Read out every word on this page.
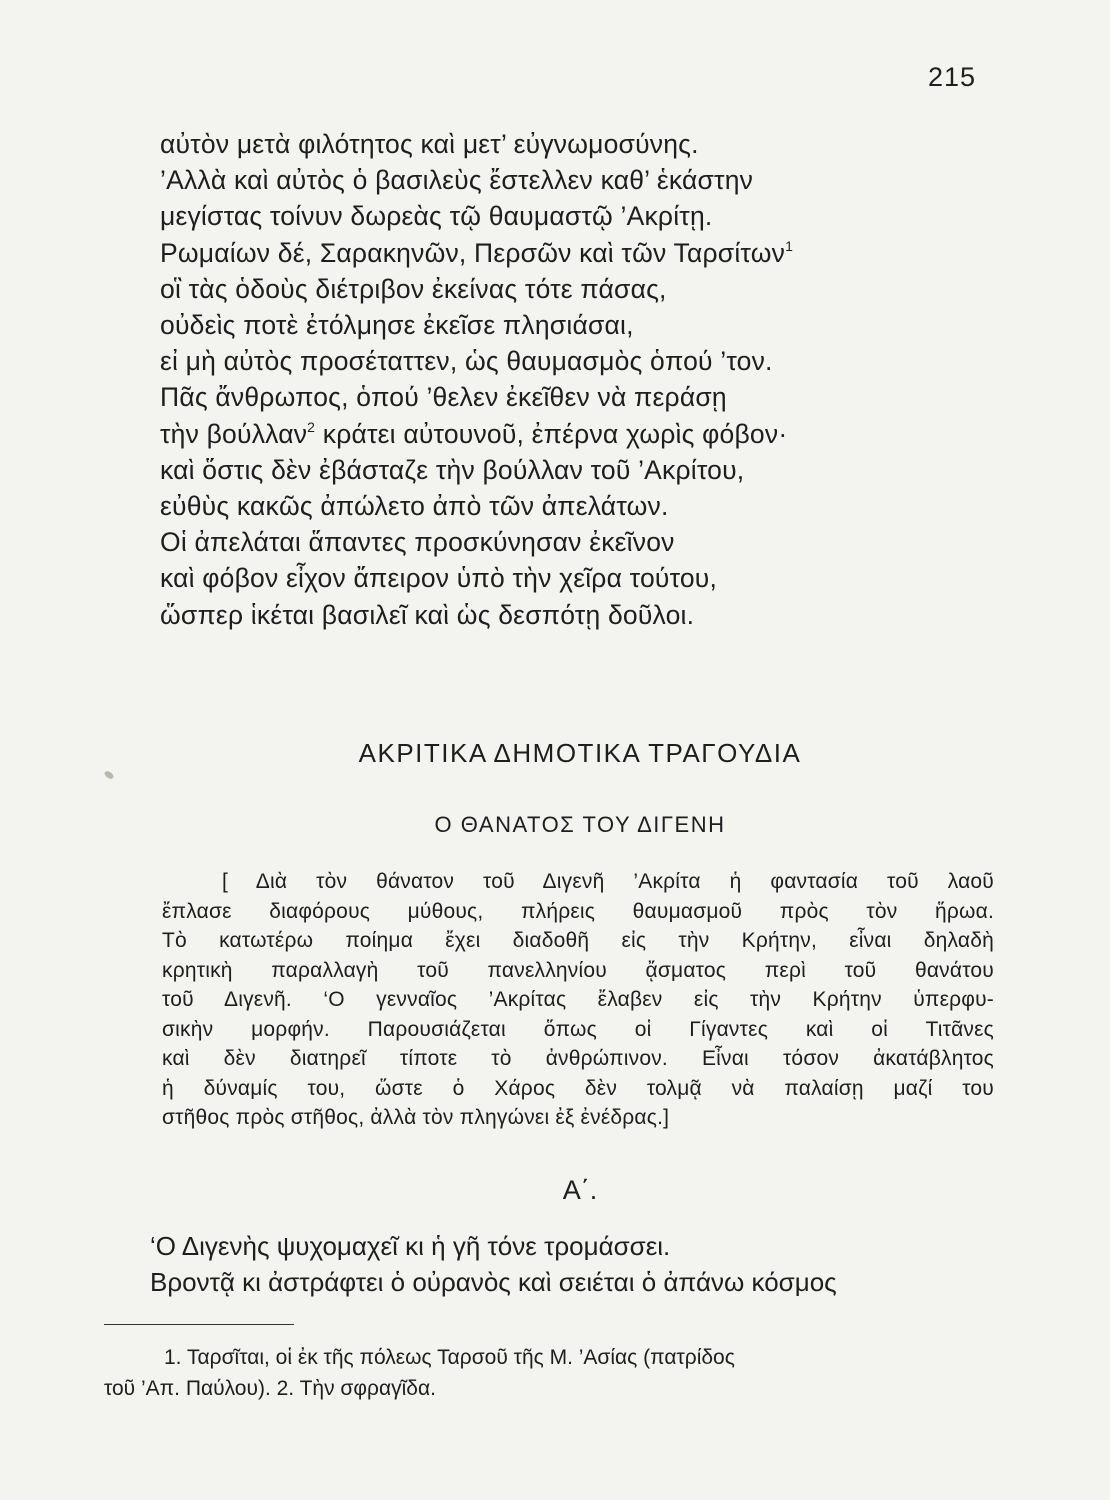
215
αὐτὸν μετὰ φιλότητος καὶ μετ’ εὐγνωμοσύνης.
’Αλλὰ καὶ αὐτὸς ὁ βασιλεὺς ἔστελλεν καθ’ ἑκάστην
μεγίστας τοίνυν δωρεὰς τῷ θαυμαστῷ ’Ακρίτῃ.
Ρωμαίων δέ, Σαρακηνῶν, Περσῶν καὶ τῶν Ταρσίτων$^1$
οἳ τὰς ὁδοὺς διέτριβον ἐκείνας τότε πάσας,
οὐδεὶς ποτὲ ἐτόλμησε ἐκεῖσε πλησιάσαι,
εἰ μὴ αὐτὸς προσέταττεν, ὡς θαυμασμὸς ὁπού ’τον.
Πᾶς ἄνθρωπος, ὁπού ’θελεν ἐκεῖθεν νὰ περάσῃ
τὴν βούλλαν$^2$ κράτει αὐτουνοῦ, ἐπέρνα χωρὶς φόβον·
καὶ ὅστις δὲν ἐβάσταζε τὴν βούλλαν τοῦ ’Ακρίτου,
εὐθὺς κακῶς ἀπώλετο ἀπὸ τῶν ἀπελάτων.
Οἱ ἀπελάται ἅπαντες προσκύνησαν ἐκεῖνον
καὶ φόβον εἶχον ἄπειρον ὑπὸ τὴν χεῖρα τούτου,
ὥσπερ ἱκέται βασιλεῖ καὶ ὡς δεσπότῃ δοῦλοι.
ΑΚΡΙΤΙΚΑ ΔΗΜΟΤΙΚΑ ΤΡΑΓΟΥΔΙΑ
Ο ΘΑΝΑΤΟΣ ΤΟΥ ΔΙΓΕΝΗ
[ Διὰ τὸν θάνατον τοῦ Διγενῆ ’Ακρίτα ἡ φαντασία τοῦ λαοῦ
ἔπλασε διαφόρους μύθους, πλήρεις θαυμασμοῦ πρὸς τὸν ἥρωα.
Τὸ κατωτέρω ποίημα ἔχει διαδοθῆ εἰς τὴν Κρήτην, εἶναι δηλαδὴ
κρητικὴ παραλλαγὴ τοῦ πανελληνίου ᾄσματος περὶ τοῦ θανάτου
τοῦ Διγενῆ. ‘Ο γενναῖος ’Ακρίτας ἔλαβεν εἰς τὴν Κρήτην ὑπερφυ-
σικὴν μορφήν. Παρουσιάζεται ὅπως οἱ Γίγαντες καὶ οἱ Τιτᾶνες
καὶ δὲν διατηρεῖ τίποτε τὸ ἀνθρώπινον. Εἶναι τόσον ἀκατάβλητος
ἡ δύναμίς του, ὥστε ὁ Χάρος δὲν τολμᾷ νὰ παλαίσῃ μαζί του
στῆθος πρὸς στῆθος, ἀλλὰ τὸν πληγώνει ἐξ ἐνέδρας.]
Α΄.
‘Ο Διγενὴς ψυχομαχεῖ κι ἡ γῆ τόνε τρομάσσει.
Βροντᾷ κι ἀστράφτει ὁ οὐρανὸς καὶ σειέται ὁ ἀπάνω κόσμος
1. Ταρσῖται, οἱ ἐκ τῆς πόλεως Ταρσοῦ τῆς Μ. ’Ασίας (πατρίδος
τοῦ ’Απ. Παύλου). 2. Τὴν σφραγῖδα.
